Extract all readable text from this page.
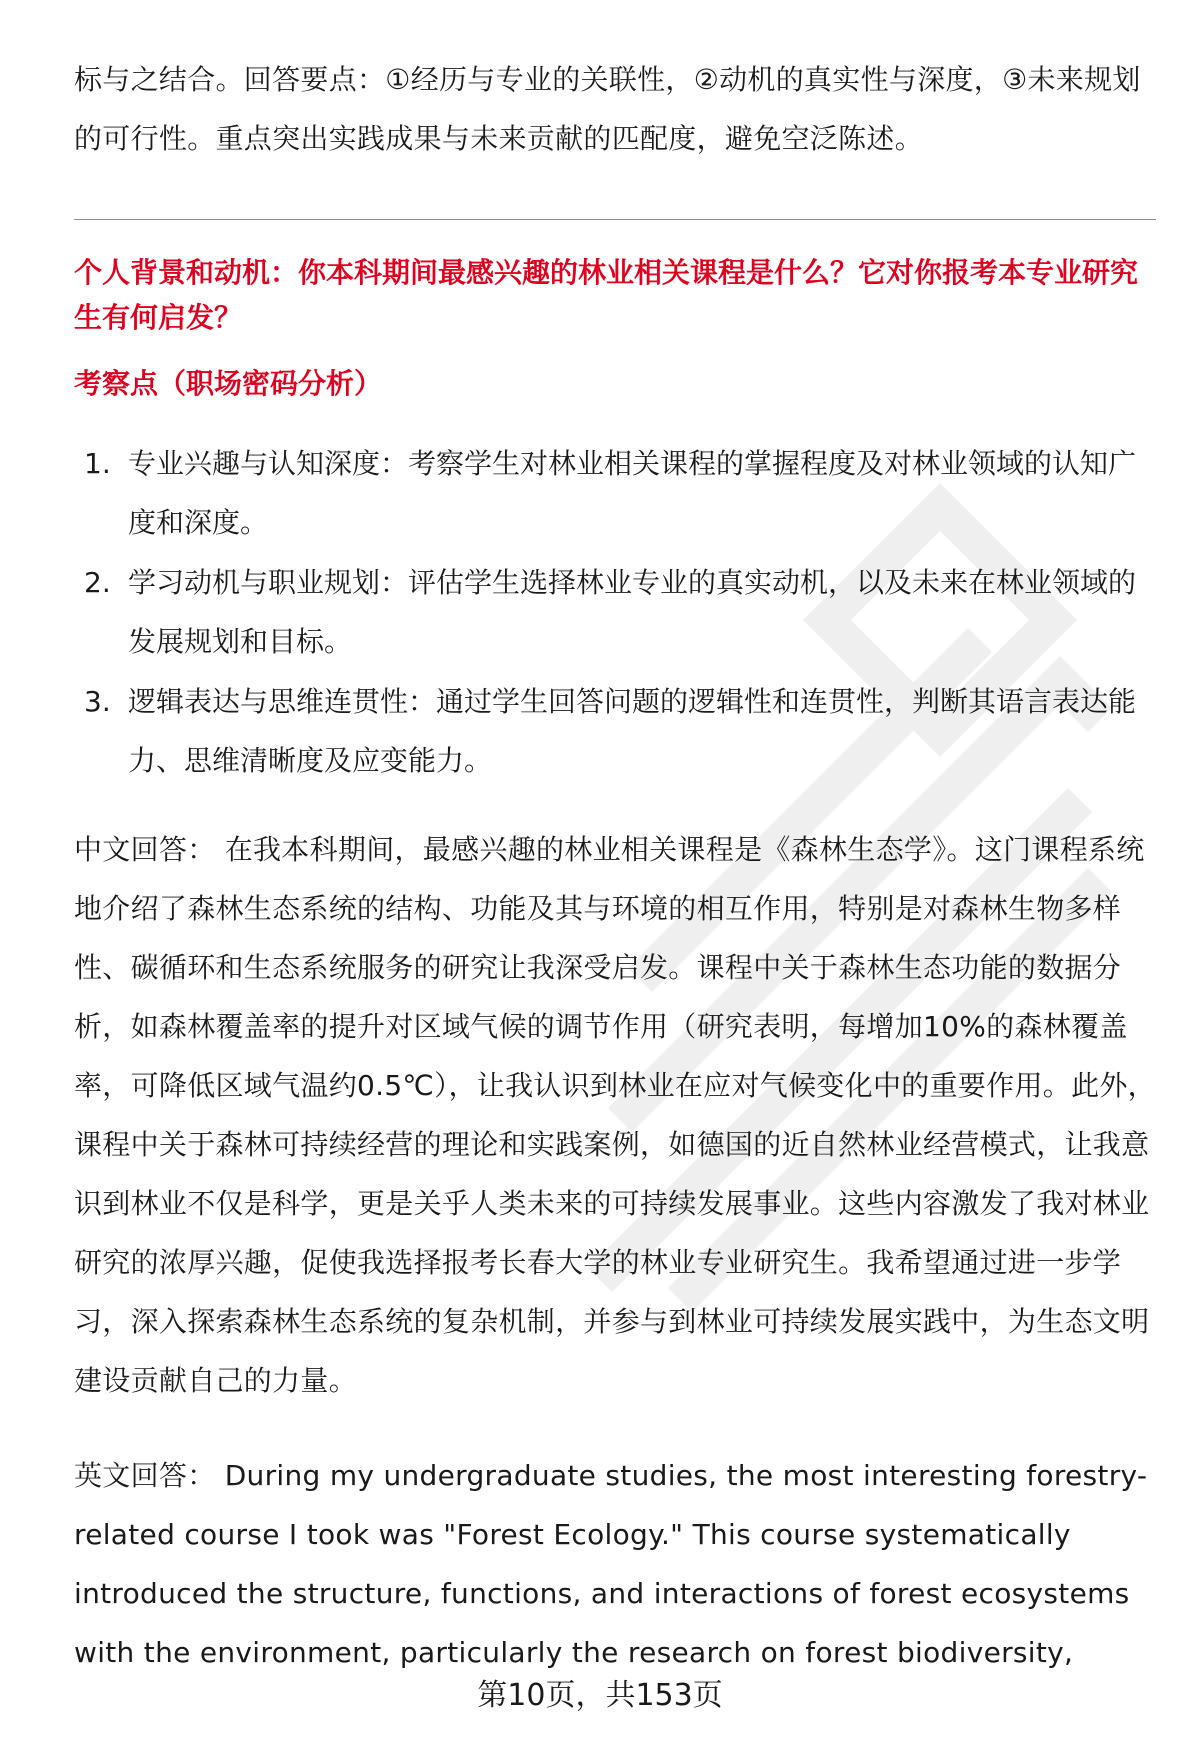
标与之结合。回答要点：①经历与专业的关联性，②动机的真实性与深度，③未来规划的可行性。重点突出实践成果与未来贡献的匹配度，避免空泛陈述。

个人背景和动机：你本科期间最感兴趣的林业相关课程是什么？它对你报考本专业研究生有何启发？

考察点（职场密码分析）

1. 专业兴趣与认知深度：考察学生对林业相关课程的掌握程度及对林业领域的认知广度和深度。
2. 学习动机与职业规划：评估学生选择林业专业的真实动机，以及未来在林业领域的发展规划和目标。
3. 逻辑表达与思维连贯性：通过学生回答问题的逻辑性和连贯性，判断其语言表达能力、思维清晰度及应变能力。

中文回答： 在我本科期间，最感兴趣的林业相关课程是《森林生态学》。这门课程系统地介绍了森林生态系统的结构、功能及其与环境的相互作用，特别是对森林生物多样性、碳循环和生态系统服务的研究让我深受启发。课程中关于森林生态功能的数据分析，如森林覆盖率的提升对区域气候的调节作用（研究表明，每增加10%的森林覆盖率，可降低区域气温约0.5℃），让我认识到林业在应对气候变化中的重要作用。此外，课程中关于森林可持续经营的理论和实践案例，如德国的近自然林业经营模式，让我意识到林业不仅是科学，更是关乎人类未来的可持续发展事业。这些内容激发了我对林业研究的浓厚兴趣，促使我选择报考长春大学的林业专业研究生。我希望通过进一步学习，深入探索森林生态系统的复杂机制，并参与到林业可持续发展实践中，为生态文明建设贡献自己的力量。

英文回答： During my undergraduate studies, the most interesting forestry-

related course I took was "Forest Ecology." This course systematically

introduced the structure, functions, and interactions of forest ecosystems

with the environment, particularly the research on forest biodiversity,

第10页，共153页
